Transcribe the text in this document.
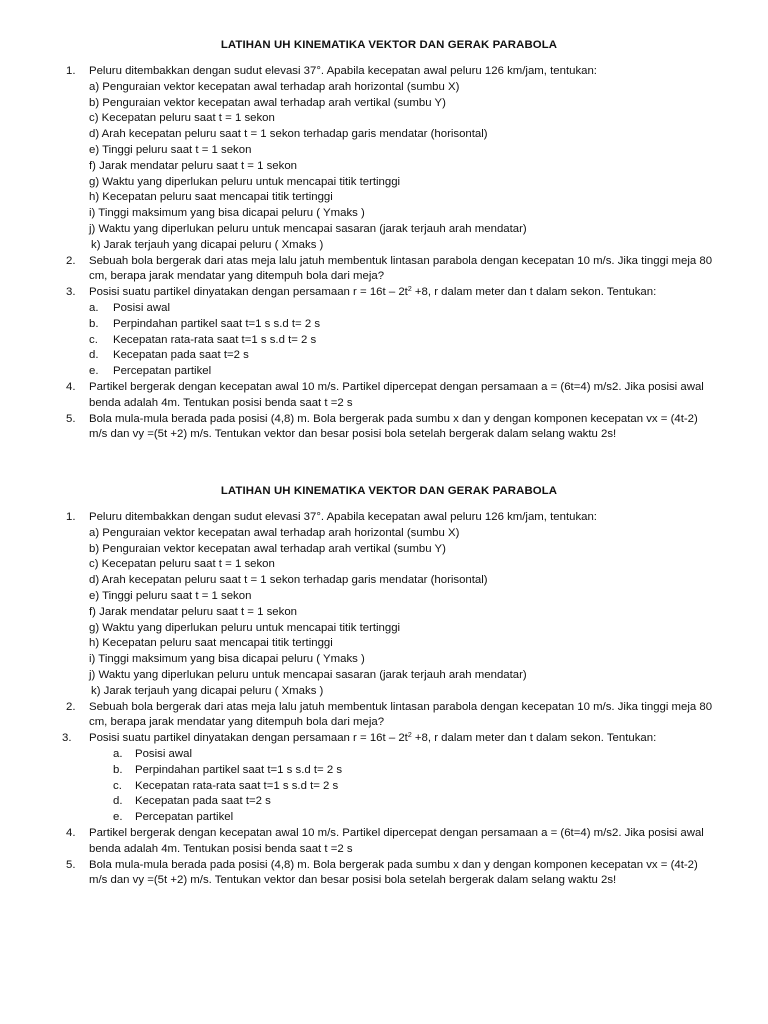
LATIHAN UH KINEMATIKA VEKTOR DAN GERAK PARABOLA
1. Peluru ditembakkan dengan sudut elevasi 37°. Apabila kecepatan awal peluru 126 km/jam, tentukan:
a) Penguraian vektor kecepatan awal terhadap arah horizontal (sumbu X)
b) Penguraian vektor kecepatan awal terhadap arah vertikal (sumbu Y)
c) Kecepatan peluru saat t = 1 sekon
d) Arah kecepatan peluru saat t = 1 sekon terhadap garis mendatar (horisontal)
e) Tinggi peluru saat t = 1 sekon
f) Jarak mendatar peluru saat t = 1 sekon
g) Waktu yang diperlukan peluru untuk mencapai titik tertinggi
h) Kecepatan peluru saat mencapai titik tertinggi
i) Tinggi maksimum yang bisa dicapai peluru ( Ymaks )
j) Waktu yang diperlukan peluru untuk mencapai sasaran (jarak terjauh arah mendatar)
k) Jarak terjauh yang dicapai peluru ( Xmaks )
2. Sebuah bola bergerak dari atas meja lalu jatuh membentuk lintasan parabola dengan kecepatan 10 m/s. Jika tinggi meja 80 cm, berapa jarak mendatar yang ditempuh bola dari meja?
3. Posisi suatu partikel dinyatakan dengan persamaan $r = 16t - 2t^2 +8$, r dalam meter dan t dalam sekon. Tentukan:
a. Posisi awal
b. Perpindahan partikel saat t=1 s s.d t= 2 s
c. Kecepatan rata-rata saat t=1 s s.d t= 2 s
d. Kecepatan pada saat t=2 s
e. Percepatan partikel
4. Partikel bergerak dengan kecepatan awal 10 m/s. Partikel dipercepat dengan persamaan a = (6t=4) m/s2. Jika posisi awal benda adalah 4m. Tentukan posisi benda saat t =2 s
5. Bola mula-mula berada pada posisi (4,8) m. Bola bergerak pada sumbu x dan y dengan komponen kecepatan vx = (4t-2) m/s dan vy =(5t +2) m/s. Tentukan vektor dan besar posisi bola setelah bergerak dalam selang waktu 2s!
LATIHAN UH KINEMATIKA VEKTOR DAN GERAK PARABOLA
1. Peluru ditembakkan dengan sudut elevasi 37°. Apabila kecepatan awal peluru 126 km/jam, tentukan:
a) Penguraian vektor kecepatan awal terhadap arah horizontal (sumbu X)
b) Penguraian vektor kecepatan awal terhadap arah vertikal (sumbu Y)
c) Kecepatan peluru saat t = 1 sekon
d) Arah kecepatan peluru saat t = 1 sekon terhadap garis mendatar (horisontal)
e) Tinggi peluru saat t = 1 sekon
f) Jarak mendatar peluru saat t = 1 sekon
g) Waktu yang diperlukan peluru untuk mencapai titik tertinggi
h) Kecepatan peluru saat mencapai titik tertinggi
i) Tinggi maksimum yang bisa dicapai peluru ( Ymaks )
j) Waktu yang diperlukan peluru untuk mencapai sasaran (jarak terjauh arah mendatar)
k) Jarak terjauh yang dicapai peluru ( Xmaks )
2. Sebuah bola bergerak dari atas meja lalu jatuh membentuk lintasan parabola dengan kecepatan 10 m/s. Jika tinggi meja 80 cm, berapa jarak mendatar yang ditempuh bola dari meja?
3. Posisi suatu partikel dinyatakan dengan persamaan $r = 16t - 2t^2 +8$, r dalam meter dan t dalam sekon. Tentukan:
a. Posisi awal
b. Perpindahan partikel saat t=1 s s.d t= 2 s
c. Kecepatan rata-rata saat t=1 s s.d t= 2 s
d. Kecepatan pada saat t=2 s
e. Percepatan partikel
4. Partikel bergerak dengan kecepatan awal 10 m/s. Partikel dipercepat dengan persamaan a = (6t=4) m/s2. Jika posisi awal benda adalah 4m. Tentukan posisi benda saat t =2 s
5. Bola mula-mula berada pada posisi (4,8) m. Bola bergerak pada sumbu x dan y dengan komponen kecepatan vx = (4t-2) m/s dan vy =(5t +2) m/s. Tentukan vektor dan besar posisi bola setelah bergerak dalam selang waktu 2s!
